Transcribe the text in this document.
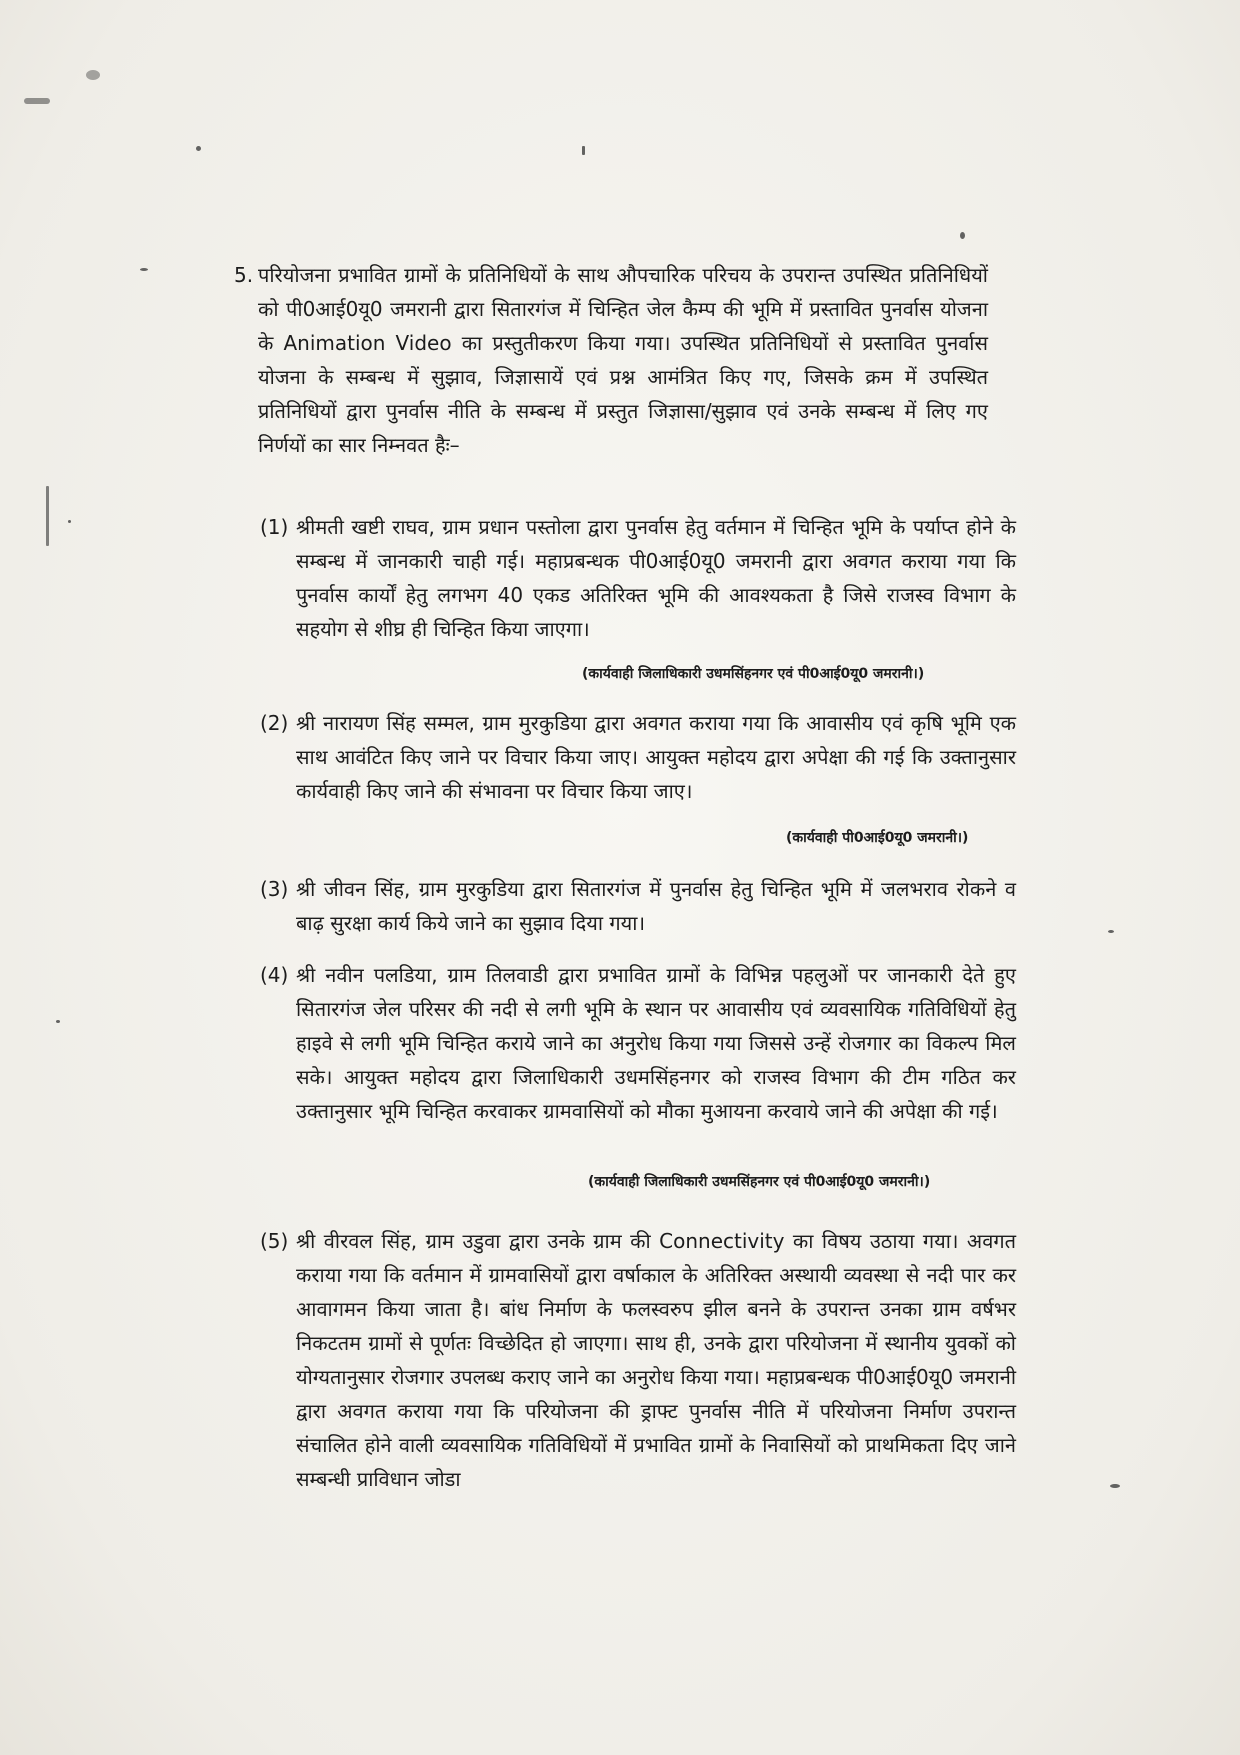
5. परियोजना प्रभावित ग्रामों के प्रतिनिधियों के साथ औपचारिक परिचय के उपरान्त उपस्थित प्रतिनिधियों को पी0आई0यू0 जमरानी द्वारा सितारगंज में चिन्हित जेल कैम्प की भूमि में प्रस्तावित पुनर्वास योजना के Animation Video का प्रस्तुतीकरण किया गया। उपस्थित प्रतिनिधियों से प्रस्तावित पुनर्वास योजना के सम्बन्ध में सुझाव, जिज्ञासायें एवं प्रश्न आमंत्रित किए गए, जिसके क्रम में उपस्थित प्रतिनिधियों द्वारा पुनर्वास नीति के सम्बन्ध में प्रस्तुत जिज्ञासा/सुझाव एवं उनके सम्बन्ध में लिए गए निर्णयों का सार निम्नवत हैः–

(1) श्रीमती खष्टी राघव, ग्राम प्रधान पस्तोला द्वारा पुनर्वास हेतु वर्तमान में चिन्हित भूमि के पर्याप्त होने के सम्बन्ध में जानकारी चाही गई। महाप्रबन्धक पी0आई0यू0 जमरानी द्वारा अवगत कराया गया कि पुनर्वास कार्यों हेतु लगभग 40 एकड अतिरिक्त भूमि की आवश्यकता है जिसे राजस्व विभाग के सहयोग से शीघ्र ही चिन्हित किया जाएगा।

(कार्यवाही जिलाधिकारी उधमसिंहनगर एवं पी0आई0यू0 जमरानी।)
(2) श्री नारायण सिंह सम्मल, ग्राम मुरकुडिया द्वारा अवगत कराया गया कि आवासीय एवं कृषि भूमि एक साथ आवंटित किए जाने पर विचार किया जाए। आयुक्त महोदय द्वारा अपेक्षा की गई कि उक्तानुसार कार्यवाही किए जाने की संभावना पर विचार किया जाए।

(कार्यवाही पी0आई0यू0 जमरानी।)
(3) श्री जीवन सिंह, ग्राम मुरकुडिया द्वारा सितारगंज में पुनर्वास हेतु चिन्हित भूमि में जलभराव रोकने व बाढ़ सुरक्षा कार्य किये जाने का सुझाव दिया गया।

(4) श्री नवीन पलडिया, ग्राम तिलवाडी द्वारा प्रभावित ग्रामों के विभिन्न पहलुओं पर जानकारी देते हुए सितारगंज जेल परिसर की नदी से लगी भूमि के स्थान पर आवासीय एवं व्यवसायिक गतिविधियों हेतु हाइवे से लगी भूमि चिन्हित कराये जाने का अनुरोध किया गया जिससे उन्हें रोजगार का विकल्प मिल सके। आयुक्त महोदय द्वारा जिलाधिकारी उधमसिंहनगर को राजस्व विभाग की टीम गठित कर उक्तानुसार भूमि चिन्हित करवाकर ग्रामवासियों को मौका मुआयना करवाये जाने की अपेक्षा की गई।

(कार्यवाही जिलाधिकारी उधमसिंहनगर एवं पी0आई0यू0 जमरानी।)
(5) श्री वीरवल सिंह, ग्राम उडुवा द्वारा उनके ग्राम की Connectivity का विषय उठाया गया। अवगत कराया गया कि वर्तमान में ग्रामवासियों द्वारा वर्षाकाल के अतिरिक्त अस्थायी व्यवस्था से नदी पार कर आवागमन किया जाता है। बांध निर्माण के फलस्वरुप झील बनने के उपरान्त उनका ग्राम वर्षभर निकटतम ग्रामों से पूर्णतः विच्छेदित हो जाएगा। साथ ही, उनके द्वारा परियोजना में स्थानीय युवकों को योग्यतानुसार रोजगार उपलब्ध कराए जाने का अनुरोध किया गया। महाप्रबन्धक पी0आई0यू0 जमरानी द्वारा अवगत कराया गया कि परियोजना की ड्राफ्ट पुनर्वास नीति में परियोजना निर्माण उपरान्त संचालित होने वाली व्यवसायिक गतिविधियों में प्रभावित ग्रामों के निवासियों को प्राथमिकता दिए जाने सम्बन्धी प्राविधान जोडा
